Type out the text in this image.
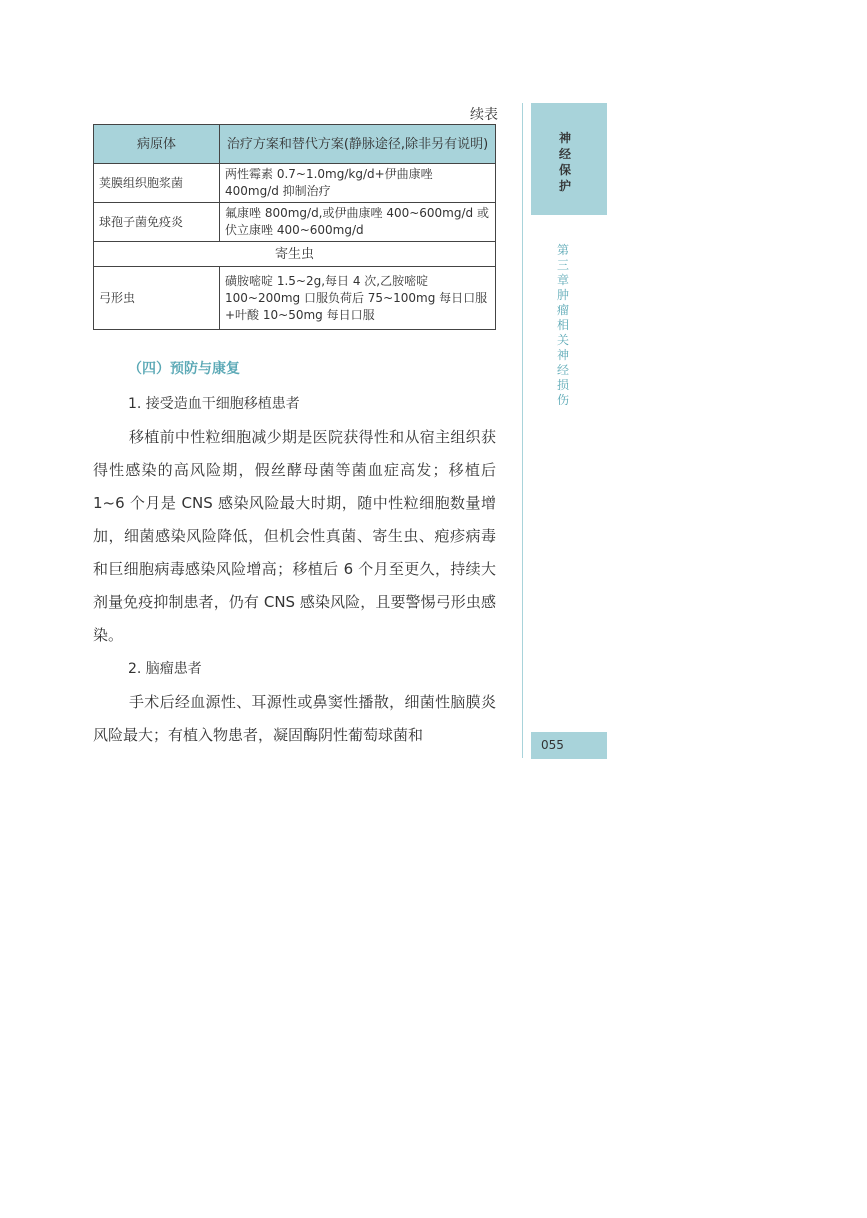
续表
病原体	治疗方案和替代方案(静脉途径,除非另有说明)
荚膜组织胞浆菌	两性霉素 0.7~1.0mg/kg/d+伊曲康唑 400mg/d 抑制治疗
球孢子菌免疫炎	氟康唑 800mg/d,或伊曲康唑 400~600mg/d 或伏立康唑 400~600mg/d
寄生虫	
弓形虫	磺胺嘧啶 1.5~2g,每日 4 次,乙胺嘧啶 100~200mg 口服负荷后 75~100mg 每日口服+叶酸 10~50mg 每日口服
（四）预防与康复
1. 接受造血干细胞移植患者
移植前中性粒细胞减少期是医院获得性和从宿主组织获得性感染的高风险期，假丝酵母菌等菌血症高发；移植后 1~6 个月是 CNS 感染风险最大时期，随中性粒细胞数量增加，细菌感染风险降低，但机会性真菌、寄生虫、疱疹病毒和巨细胞病毒感染风险增高；移植后 6 个月至更久，持续大剂量免疫抑制患者，仍有 CNS 感染风险，且要警惕弓形虫感染。
2. 脑瘤患者
手术后经血源性、耳源性或鼻窦性播散，细菌性脑膜炎风险最大；有植入物患者，凝固酶阴性葡萄球菌和
神经保护
第三章　肿瘤相关神经损伤
055
